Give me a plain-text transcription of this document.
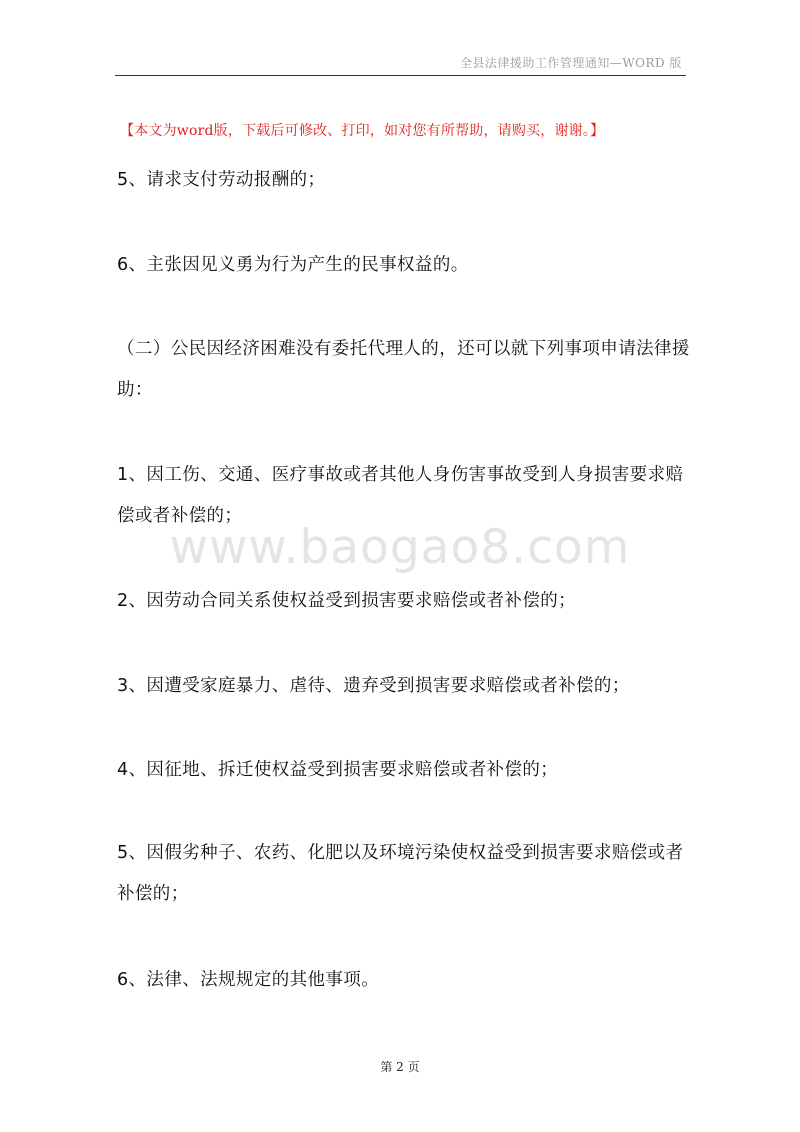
全县法律援助工作管理通知—WORD 版
【本文为word版，下载后可修改、打印，如对您有所帮助，请购买，谢谢。】
5、请求支付劳动报酬的；
6、主张因见义勇为行为产生的民事权益的。
（二）公民因经济困难没有委托代理人的，还可以就下列事项申请法律援助：
1、因工伤、交通、医疗事故或者其他人身伤害事故受到人身损害要求赔偿或者补偿的；
www.baogao8.com
2、因劳动合同关系使权益受到损害要求赔偿或者补偿的；
3、因遭受家庭暴力、虐待、遗弃受到损害要求赔偿或者补偿的；
4、因征地、拆迁使权益受到损害要求赔偿或者补偿的；
5、因假劣种子、农药、化肥以及环境污染使权益受到损害要求赔偿或者补偿的；
6、法律、法规规定的其他事项。
第 2 页
